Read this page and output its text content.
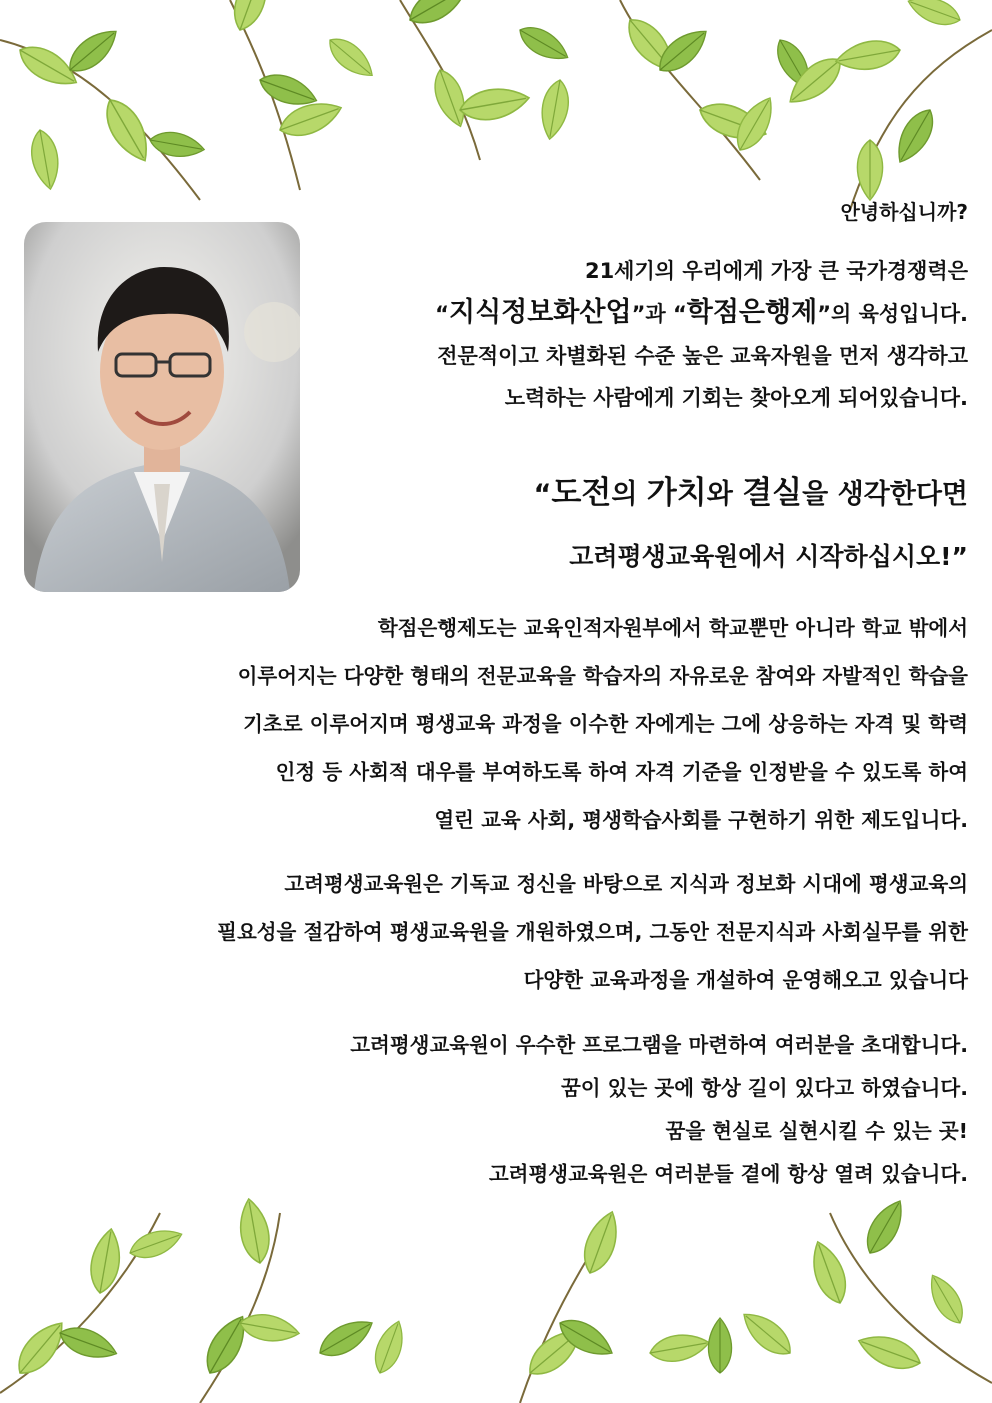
안녕하십니까?
21세기의 우리에게 가장 큰 국가경쟁력은
“지식정보화산업”과 “학점은행제”의 육성입니다.
전문적이고 차별화된 수준 높은 교육자원을 먼저 생각하고
노력하는 사람에게 기회는 찾아오게 되어있습니다.
“도전의 가치와 결실을 생각한다면
고려평생교육원에서 시작하십시오!”
학점은행제도는 교육인적자원부에서 학교뿐만 아니라 학교 밖에서
이루어지는 다양한 형태의 전문교육을 학습자의 자유로운 참여와 자발적인 학습을
기초로 이루어지며 평생교육 과정을 이수한 자에게는 그에 상응하는 자격 및 학력
인정 등 사회적 대우를 부여하도록 하여 자격 기준을 인정받을 수 있도록 하여
열린 교육 사회, 평생학습사회를 구현하기 위한 제도입니다.
고려평생교육원은 기독교 정신을 바탕으로 지식과 정보화 시대에 평생교육의
필요성을 절감하여 평생교육원을 개원하였으며, 그동안 전문지식과 사회실무를 위한
다양한 교육과정을 개설하여 운영해오고 있습니다
고려평생교육원이 우수한 프로그램을 마련하여 여러분을 초대합니다.
꿈이 있는 곳에 항상 길이 있다고 하였습니다.
꿈을 현실로 실현시킬 수 있는 곳!
고려평생교육원은 여러분들 곁에 항상 열려 있습니다.
